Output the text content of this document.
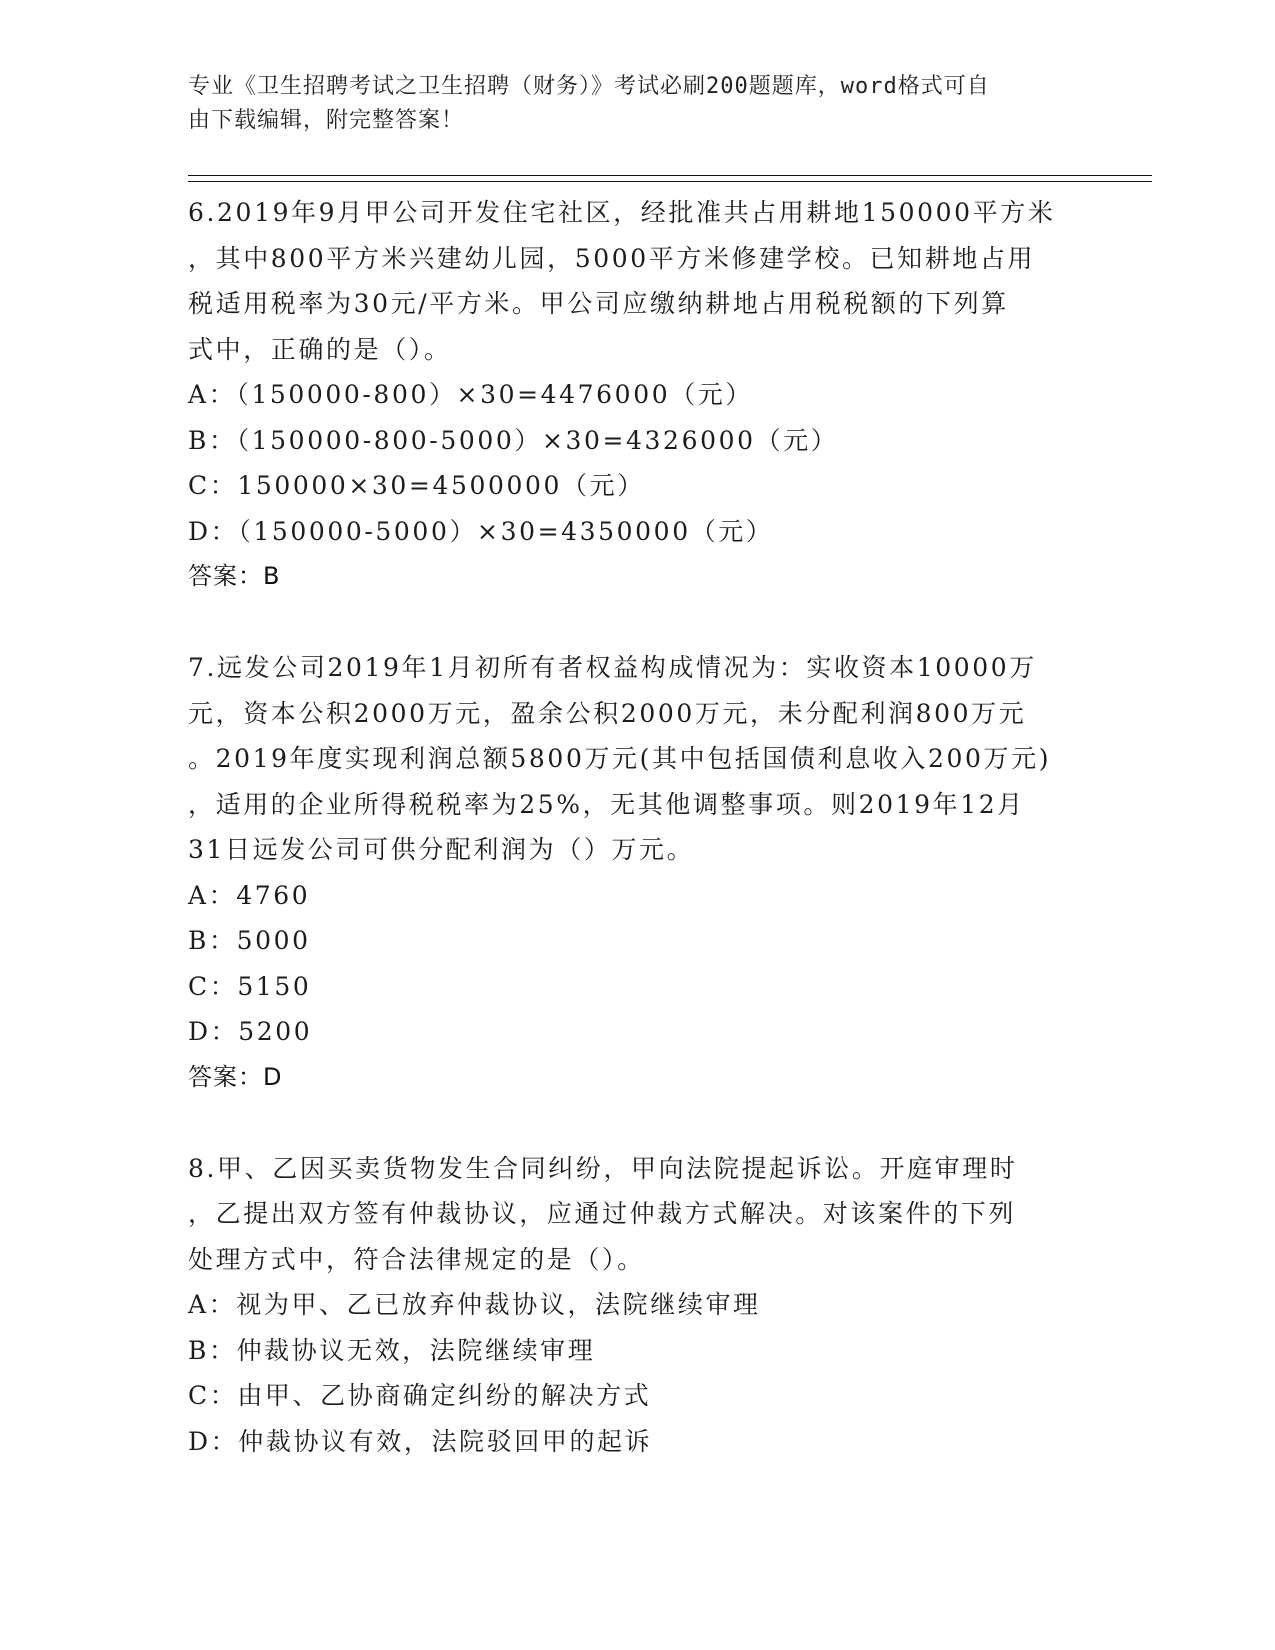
专业《卫生招聘考试之卫生招聘（财务）》考试必刷200题题库，word格式可自
由下载编辑，附完整答案！
6.2019年9月甲公司开发住宅社区，经批准共占用耕地150000平方米
，其中800平方米兴建幼儿园，5000平方米修建学校。已知耕地占用
税适用税率为30元/平方米。甲公司应缴纳耕地占用税税额的下列算
式中，正确的是（）。
A：（150000-800）×30=4476000（元）
B：（150000-800-5000）×30=4326000（元）
C：150000×30=4500000（元）
D：（150000-5000）×30=4350000（元）
答案：B
7.远发公司2019年1月初所有者权益构成情况为：实收资本10000万
元，资本公积2000万元，盈余公积2000万元，未分配利润800万元
。2019年度实现利润总额5800万元(其中包括国债利息收入200万元)
，适用的企业所得税税率为25%，无其他调整事项。则2019年12月
31日远发公司可供分配利润为（）万元。
A：4760
B：5000
C：5150
D：5200
答案：D
8.甲、乙因买卖货物发生合同纠纷，甲向法院提起诉讼。开庭审理时
，乙提出双方签有仲裁协议，应通过仲裁方式解决。对该案件的下列
处理方式中，符合法律规定的是（）。
A：视为甲、乙已放弃仲裁协议，法院继续审理
B：仲裁协议无效，法院继续审理
C：由甲、乙协商确定纠纷的解决方式
D：仲裁协议有效，法院驳回甲的起诉
